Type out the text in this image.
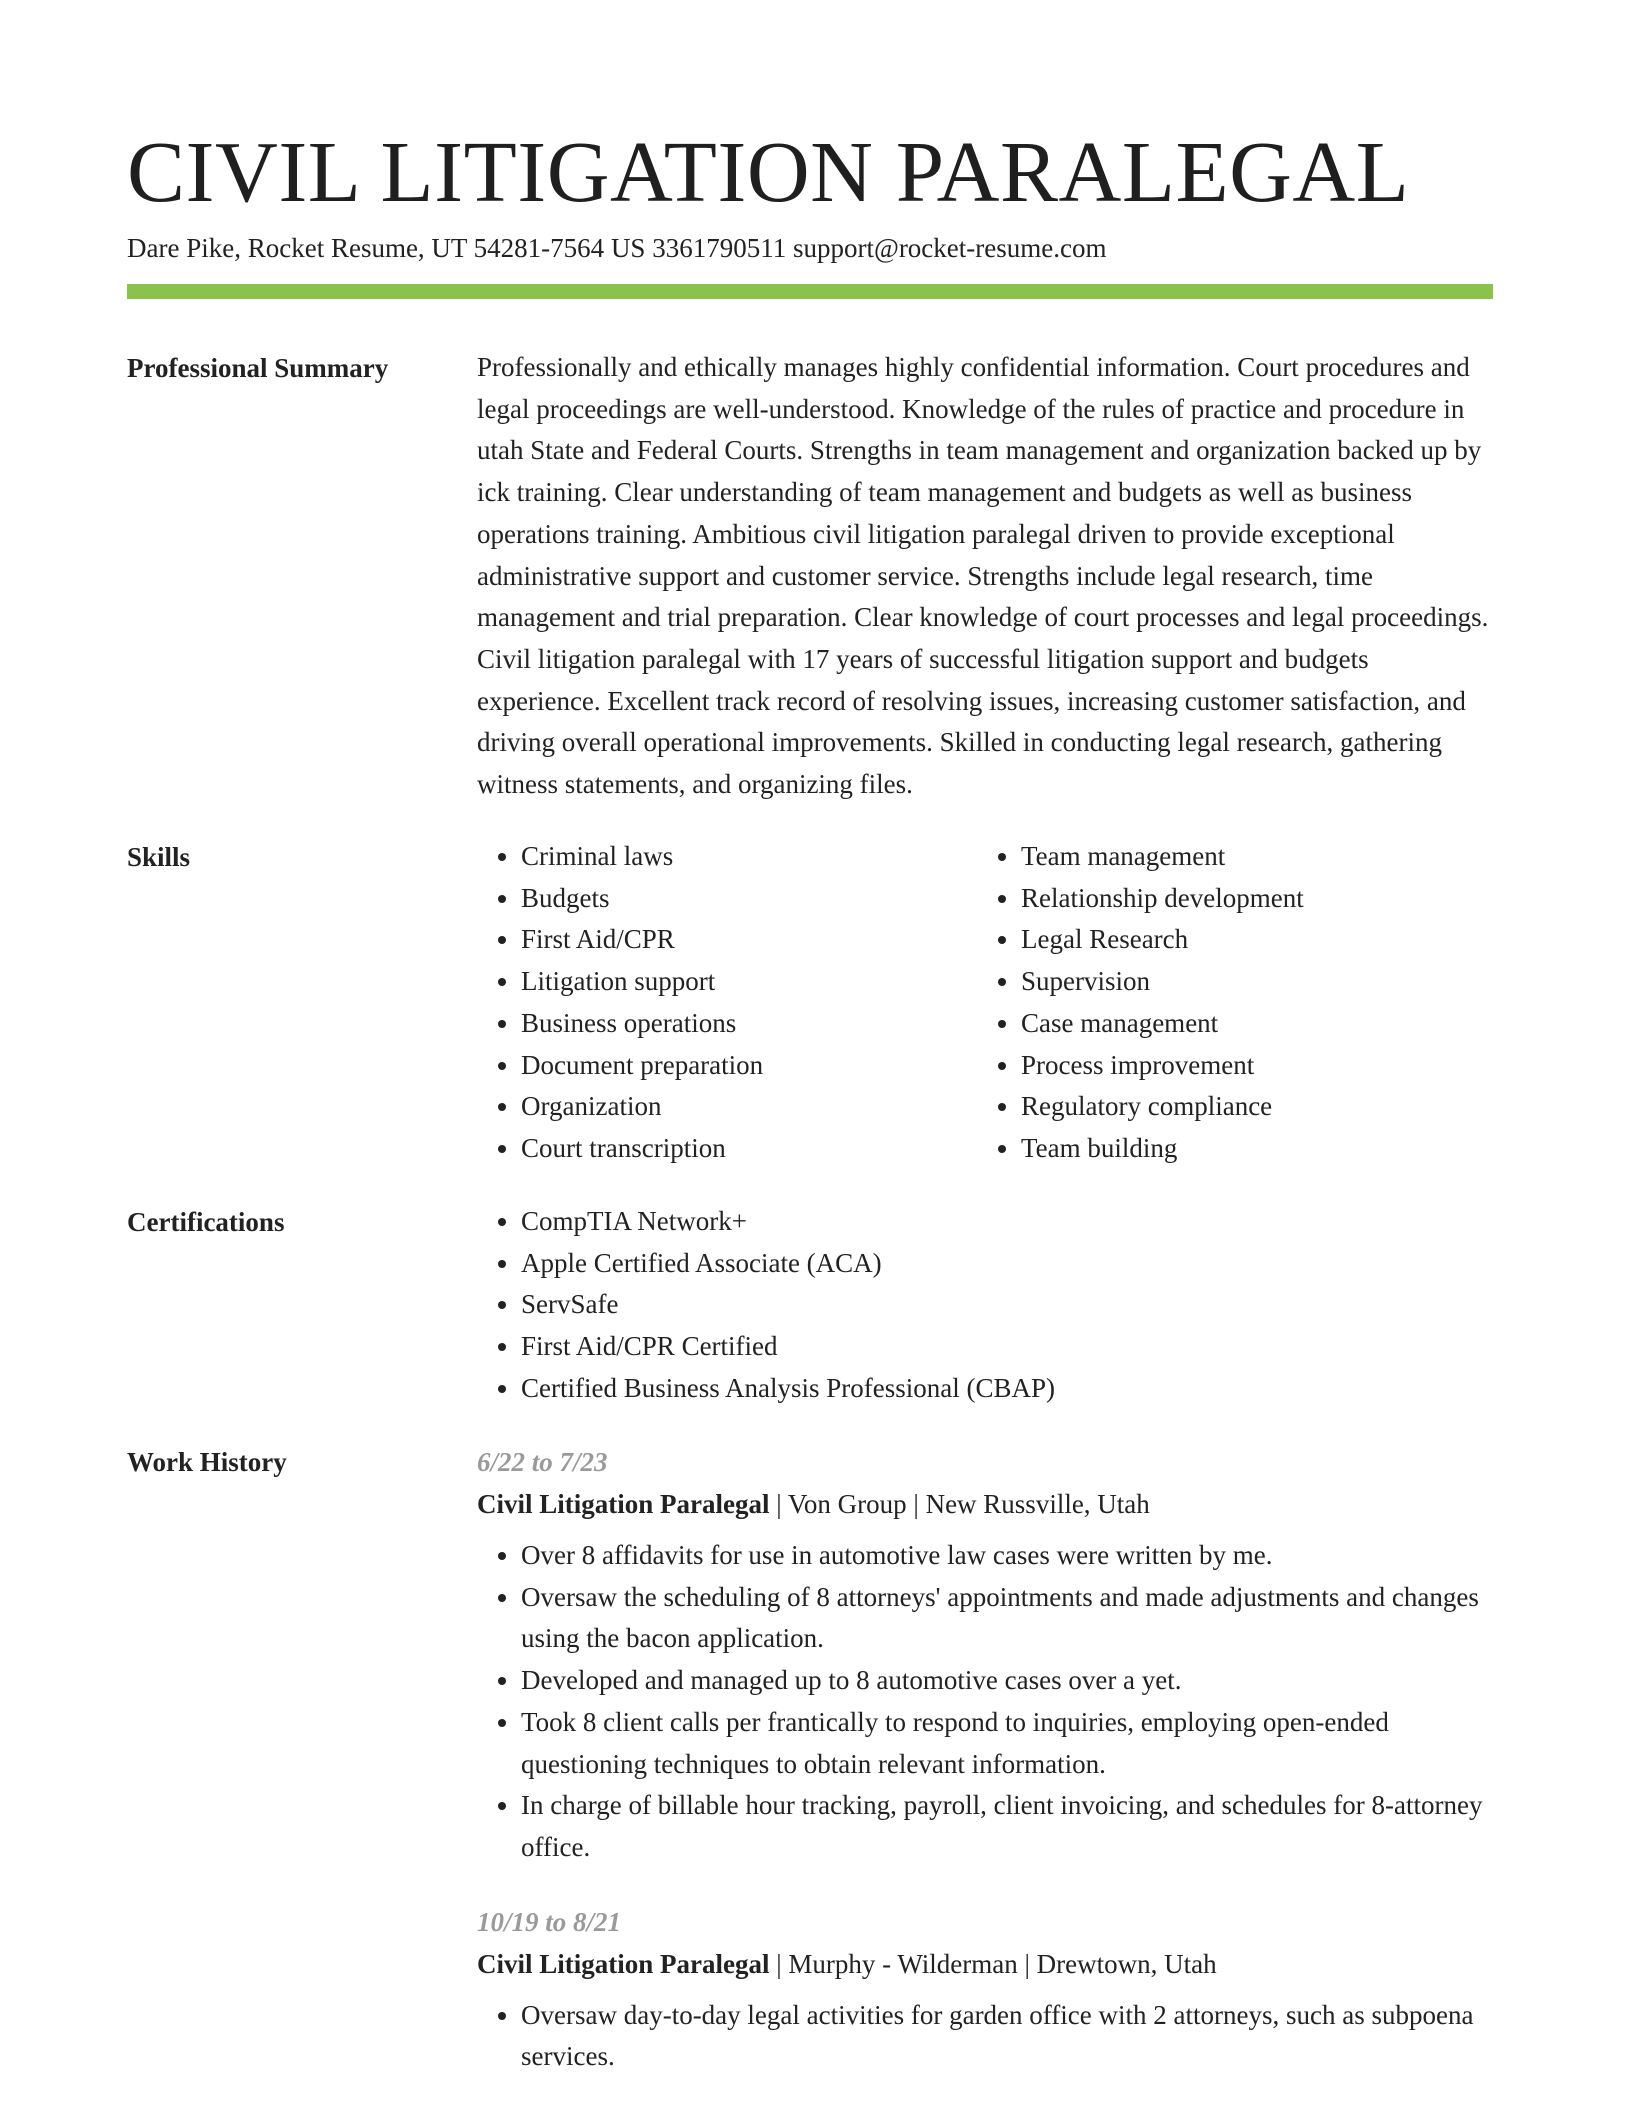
CIVIL LITIGATION PARALEGAL
Dare Pike, Rocket Resume, UT 54281-7564 US 3361790511 support@rocket-resume.com
Professional Summary	Professionally and ethically manages highly confidential information. Court procedures and legal proceedings are well-understood. Knowledge of the rules of practice and procedure in utah State and Federal Courts. Strengths in team management and organization backed up by ick training. Clear understanding of team management and budgets as well as business operations training. Ambitious civil litigation paralegal driven to provide exceptional administrative support and customer service. Strengths include legal research, time management and trial preparation. Clear knowledge of court processes and legal proceedings. Civil litigation paralegal with 17 years of successful litigation support and budgets experience. Excellent track record of resolving issues, increasing customer satisfaction, and driving overall operational improvements. Skilled in conducting legal research, gathering witness statements, and organizing files.

Skills	• Criminal laws
• Budgets
• First Aid/CPR
• Litigation support
• Business operations
• Document preparation
• Organization
• Court transcription
• Team management
• Relationship development
• Legal Research
• Supervision
• Case management
• Process improvement
• Regulatory compliance
• Team building
Certifications	• CompTIA Network+
• Apple Certified Associate (ACA)
• ServSafe
• First Aid/CPR Certified
• Certified Business Analysis Professional (CBAP)
Work History	6/22 to 7/23

Civil Litigation Paralegal | Von Group | New Russville, Utah

• Over 8 affidavits for use in automotive law cases were written by me.
• Oversaw the scheduling of 8 attorneys' appointments and made adjustments and changes using the bacon application.
• Developed and managed up to 8 automotive cases over a yet.
• Took 8 client calls per frantically to respond to inquiries, employing open-ended questioning techniques to obtain relevant information.
• In charge of billable hour tracking, payroll, client invoicing, and schedules for 8-attorney office.

10/19 to 8/21

Civil Litigation Paralegal | Murphy - Wilderman | Drewtown, Utah

• Oversaw day-to-day legal activities for garden office with 2 attorneys, such as subpoena services.
